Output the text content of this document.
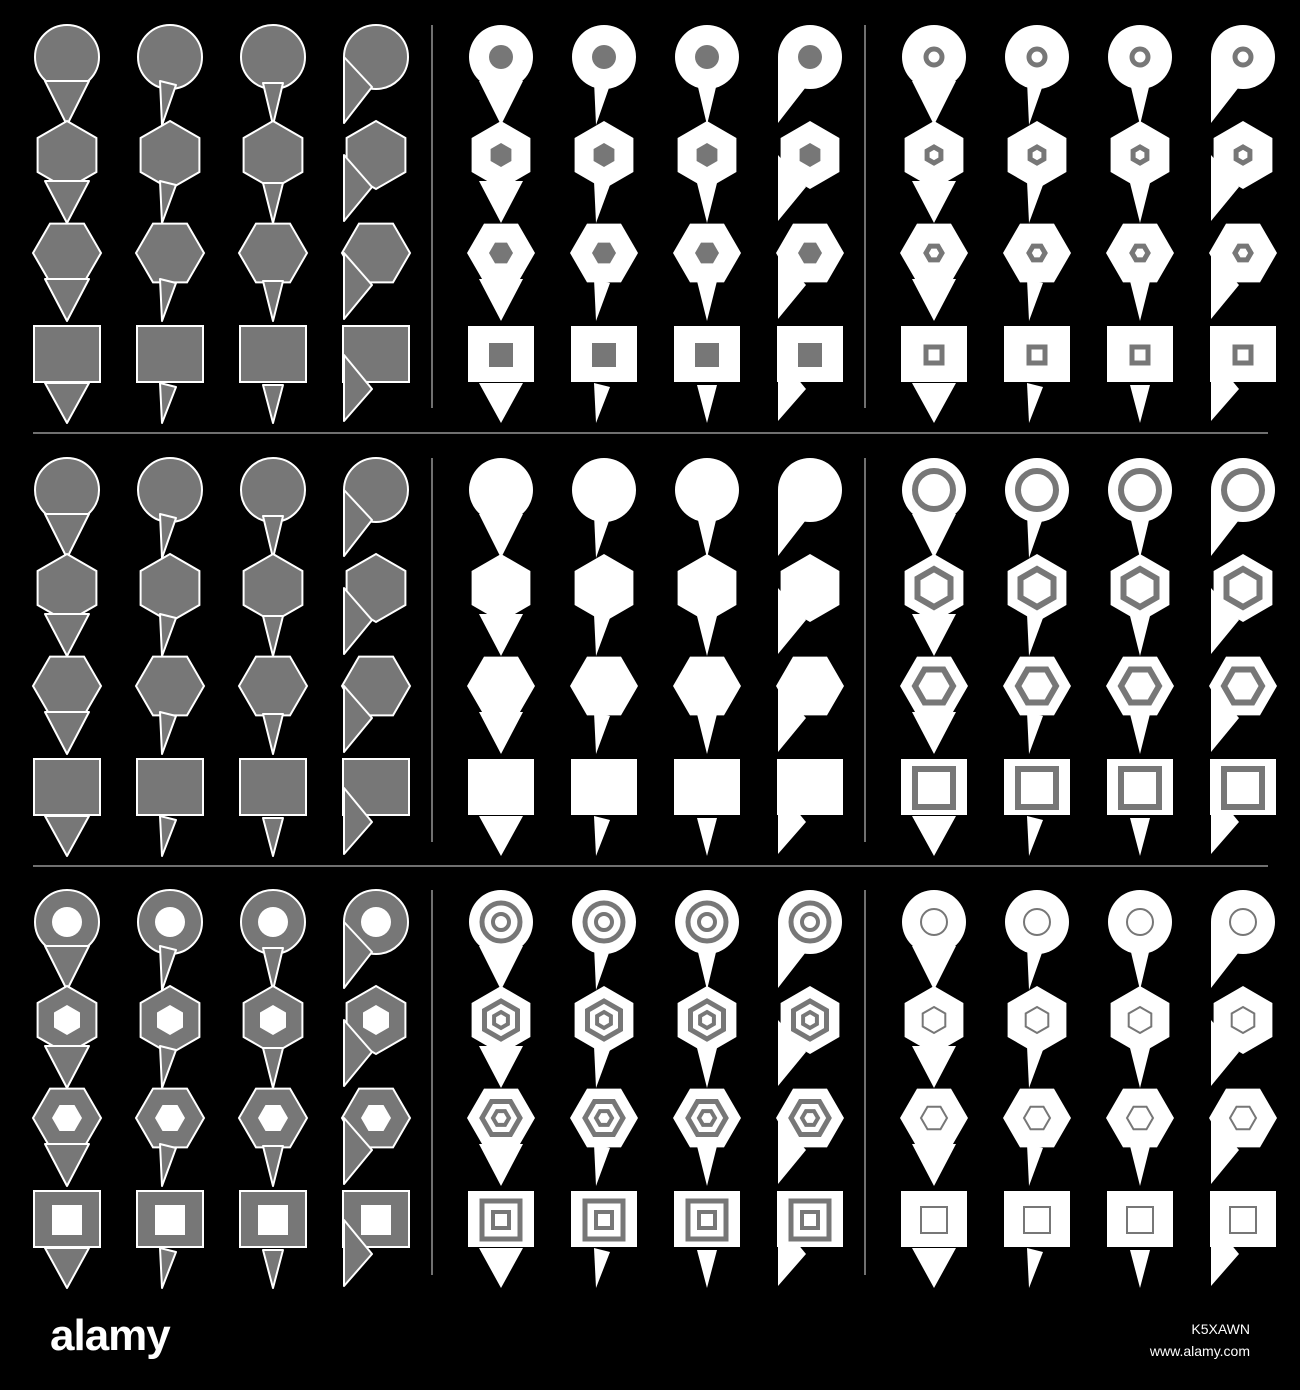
alamy	K5XAWN
www.alamy.com
